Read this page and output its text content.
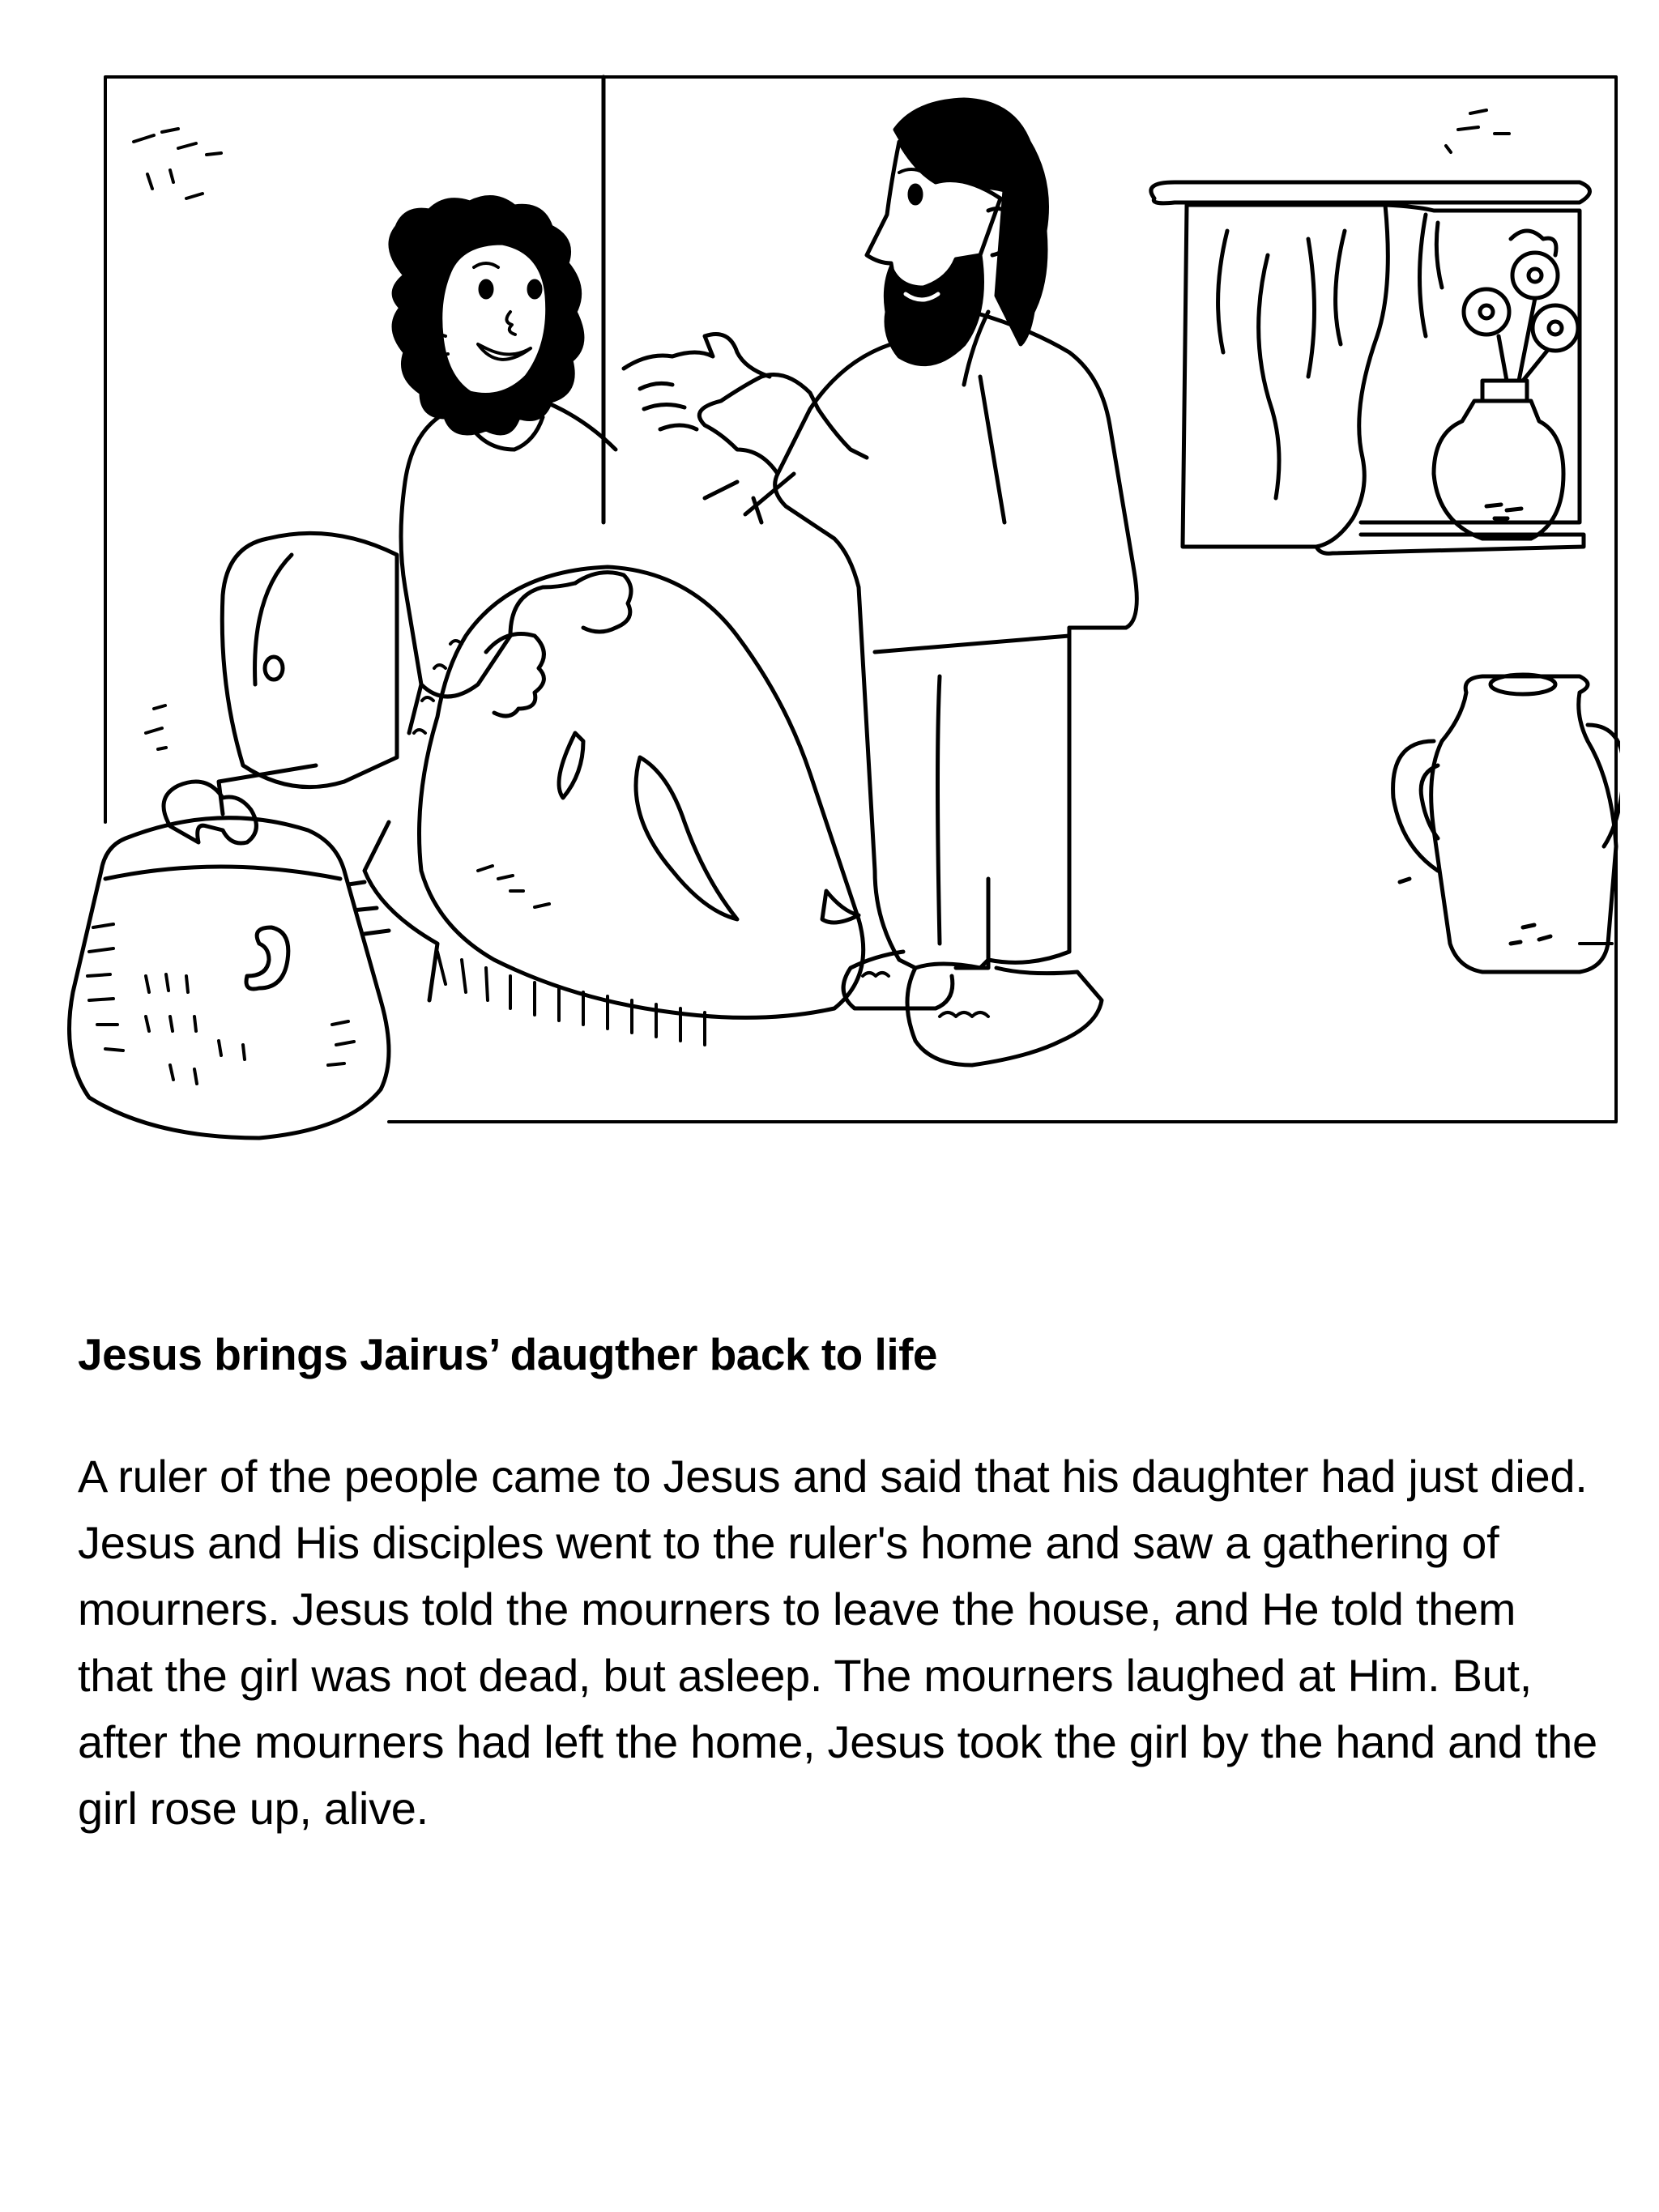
Jesus brings Jairus’ daugther back to life

A ruler of the people came to Jesus and said that his daughter had just died. Jesus and His disciples went to the ruler's home and saw a gathering of mourners. Jesus told the mourners to leave the house, and He told them that the girl was not dead, but asleep. The mourners laughed at Him. But, after the mourners had left the home, Jesus took the girl by the hand and the girl rose up, alive.
